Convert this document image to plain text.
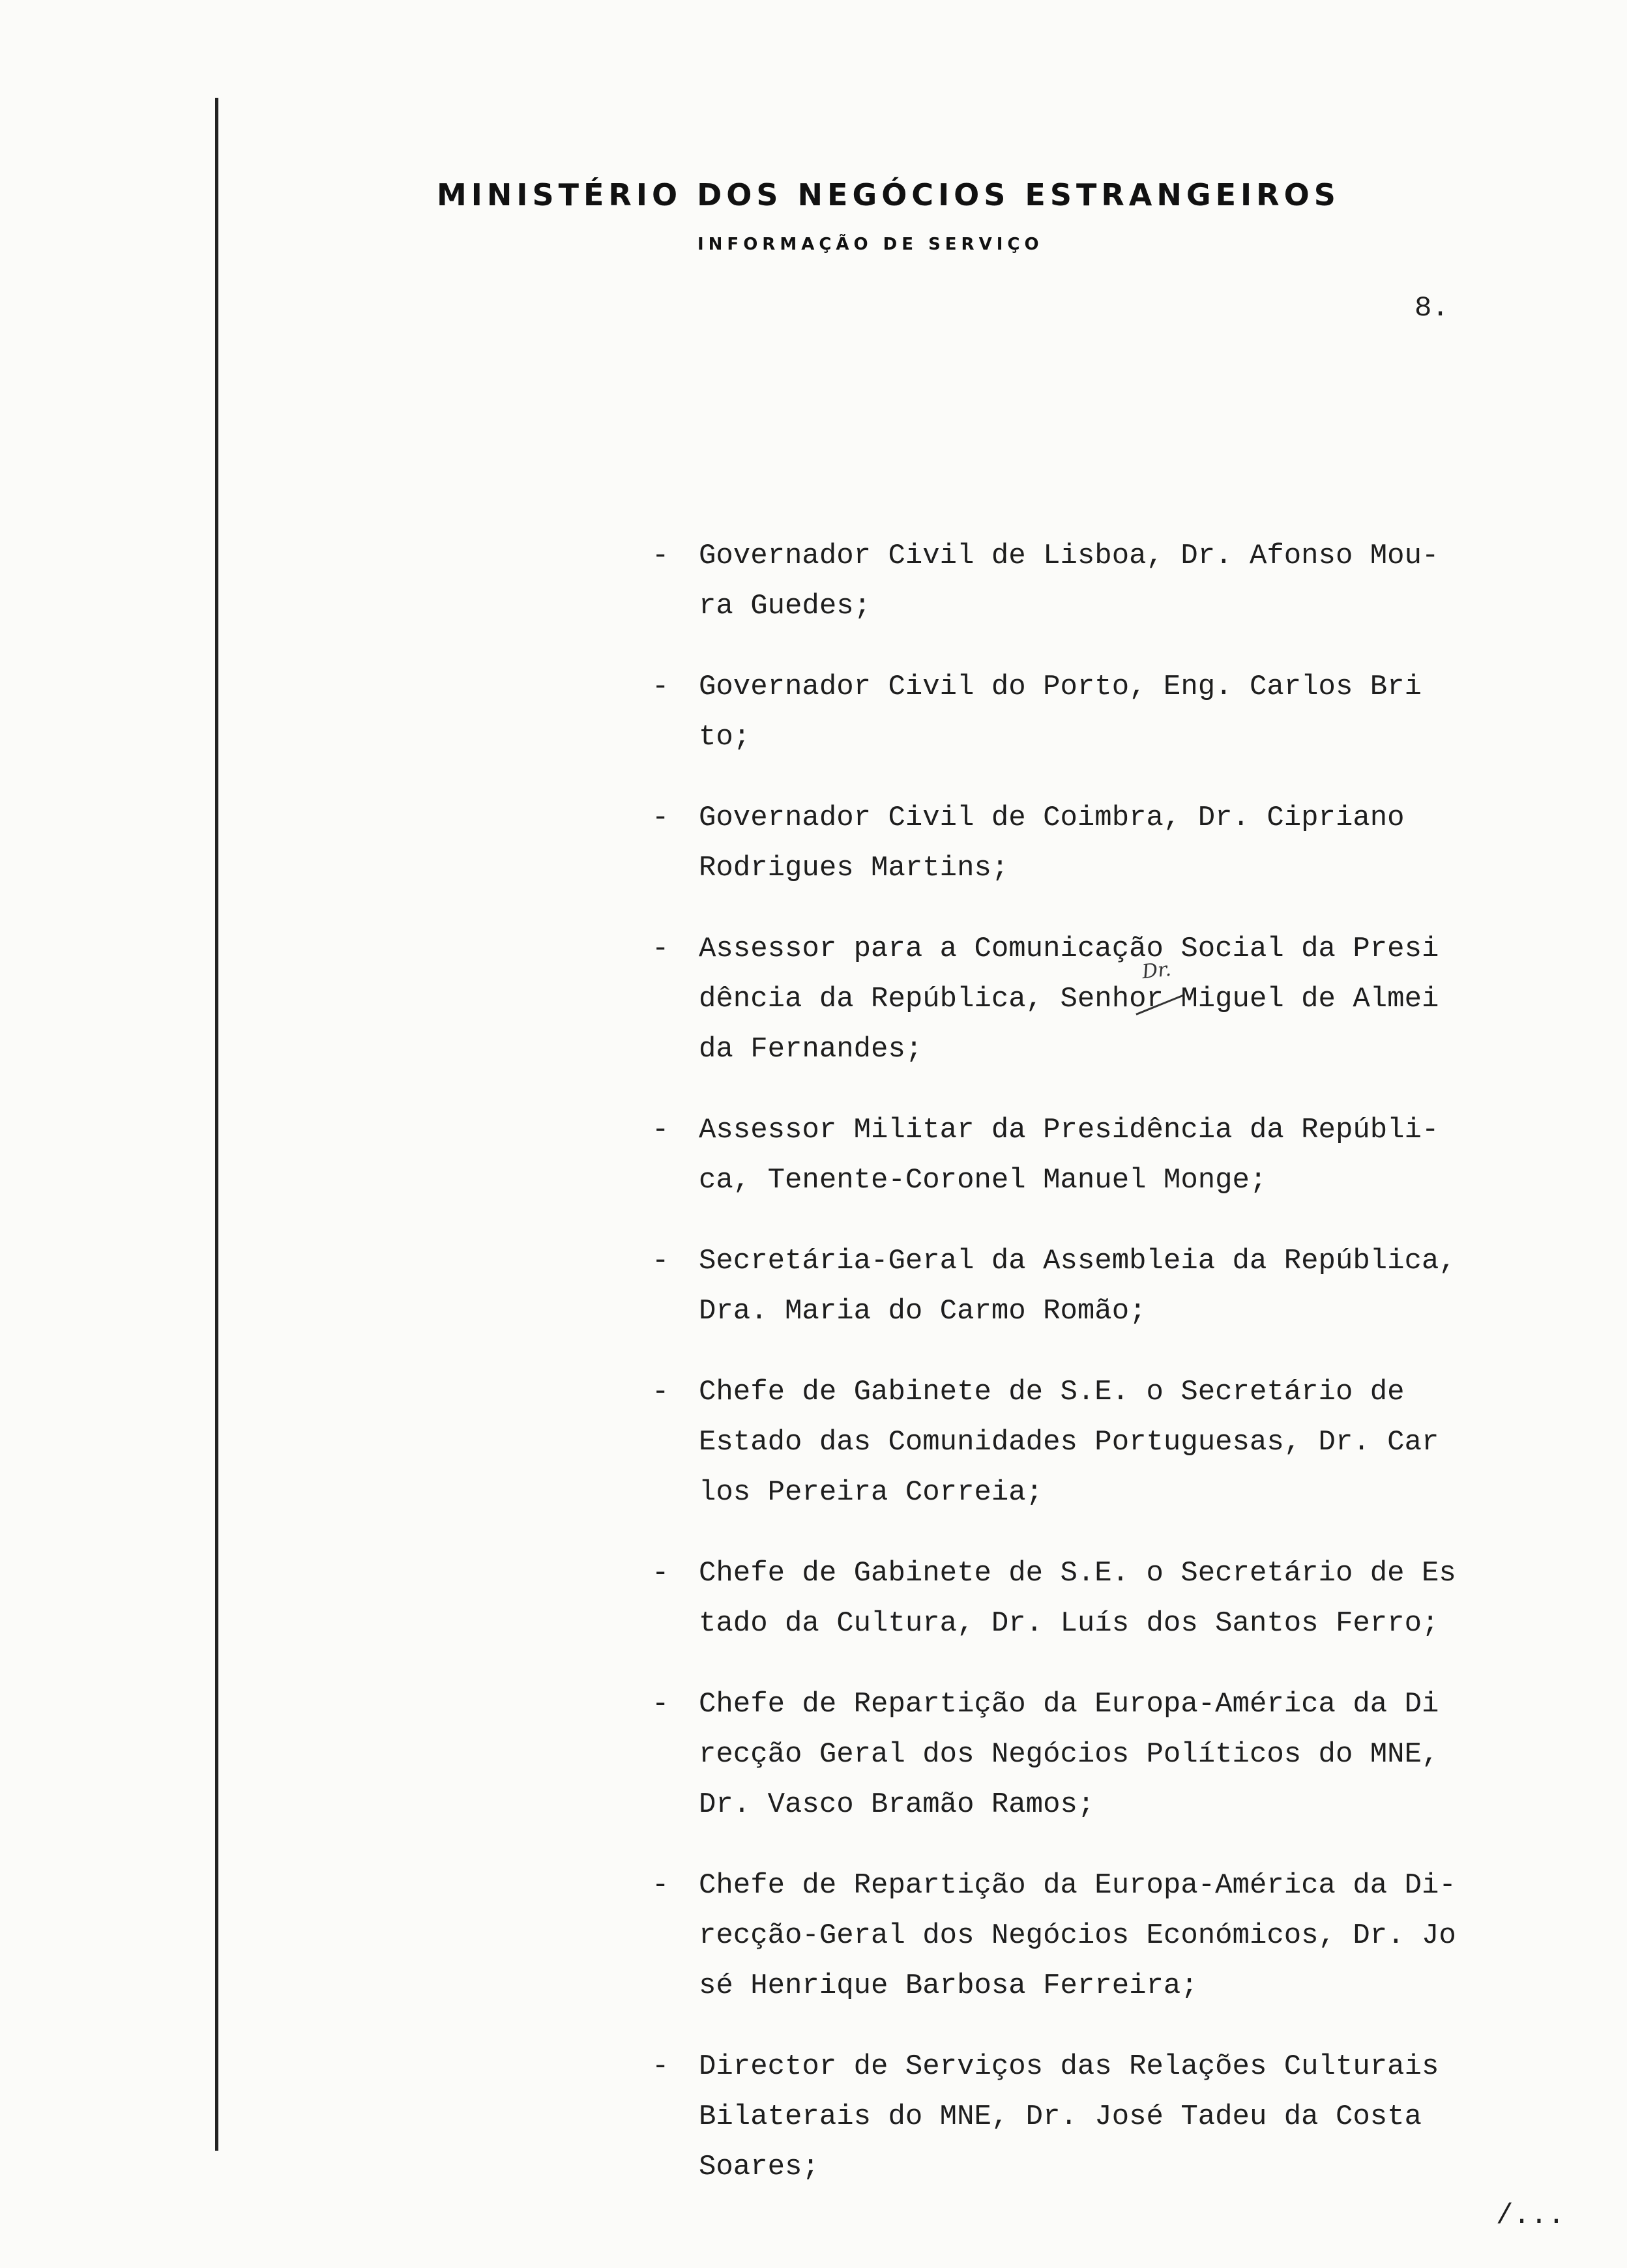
MINISTÉRIO DOS NEGÓCIOS ESTRANGEIROS
INFORMAÇÃO DE SERVIÇO
8.
Dr.
- Governador Civil de Lisboa, Dr. Afonso Mou-
ra Guedes;
- Governador Civil do Porto, Eng. Carlos Bri
to;
- Governador Civil de Coimbra, Dr. Cipriano
Rodrigues Martins;
- Assessor para a Comunicação Social da Presi
dência da República, Senhor Miguel de Almei
da Fernandes;
- Assessor Militar da Presidência da Repúbli-
ca, Tenente-Coronel Manuel Monge;
- Secretária-Geral da Assembleia da República,
Dra. Maria do Carmo Romão;
- Chefe de Gabinete de S.E. o Secretário de
Estado das Comunidades Portuguesas, Dr. Car
los Pereira Correia;
- Chefe de Gabinete de S.E. o Secretário de Es
tado da Cultura, Dr. Luís dos Santos Ferro;
- Chefe de Repartição da Europa-América da Di
recção Geral dos Negócios Políticos do MNE,
Dr. Vasco Bramão Ramos;
- Chefe de Repartição da Europa-América da Di-
recção-Geral dos Negócios Económicos, Dr. Jo
sé Henrique Barbosa Ferreira;
- Director de Serviços das Relações Culturais
Bilaterais do MNE, Dr. José Tadeu da Costa
Soares;
/...
